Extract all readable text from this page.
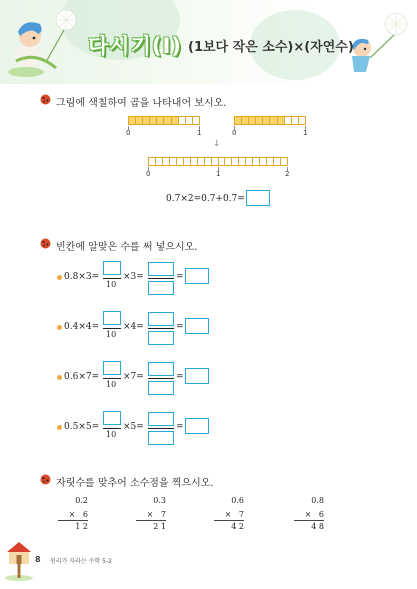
다시기(Ⅰ) (1보다 작은 소수)×(자연수)
그림에 색칠하여 곱을 나타내어 보시오.
0	1	0	1
↓
0	1	2
0.7×2=0.7+0.7=
빈칸에 알맞은 수를 써 넣으시오.
0.8×3=
10
×3=	=
0.4×4=
10
×4=	=
0.6×7=
10
×7=	=
0.5×5=
10
×5=	=
자릿수를 맞추어 소수점을 찍으시오.
0.2
×   6
1 2
0.3
×   7
2 1
0.6
×   7
4 2
0.8
×   6
4 8
8 원리가 자라는 수학 5-2
